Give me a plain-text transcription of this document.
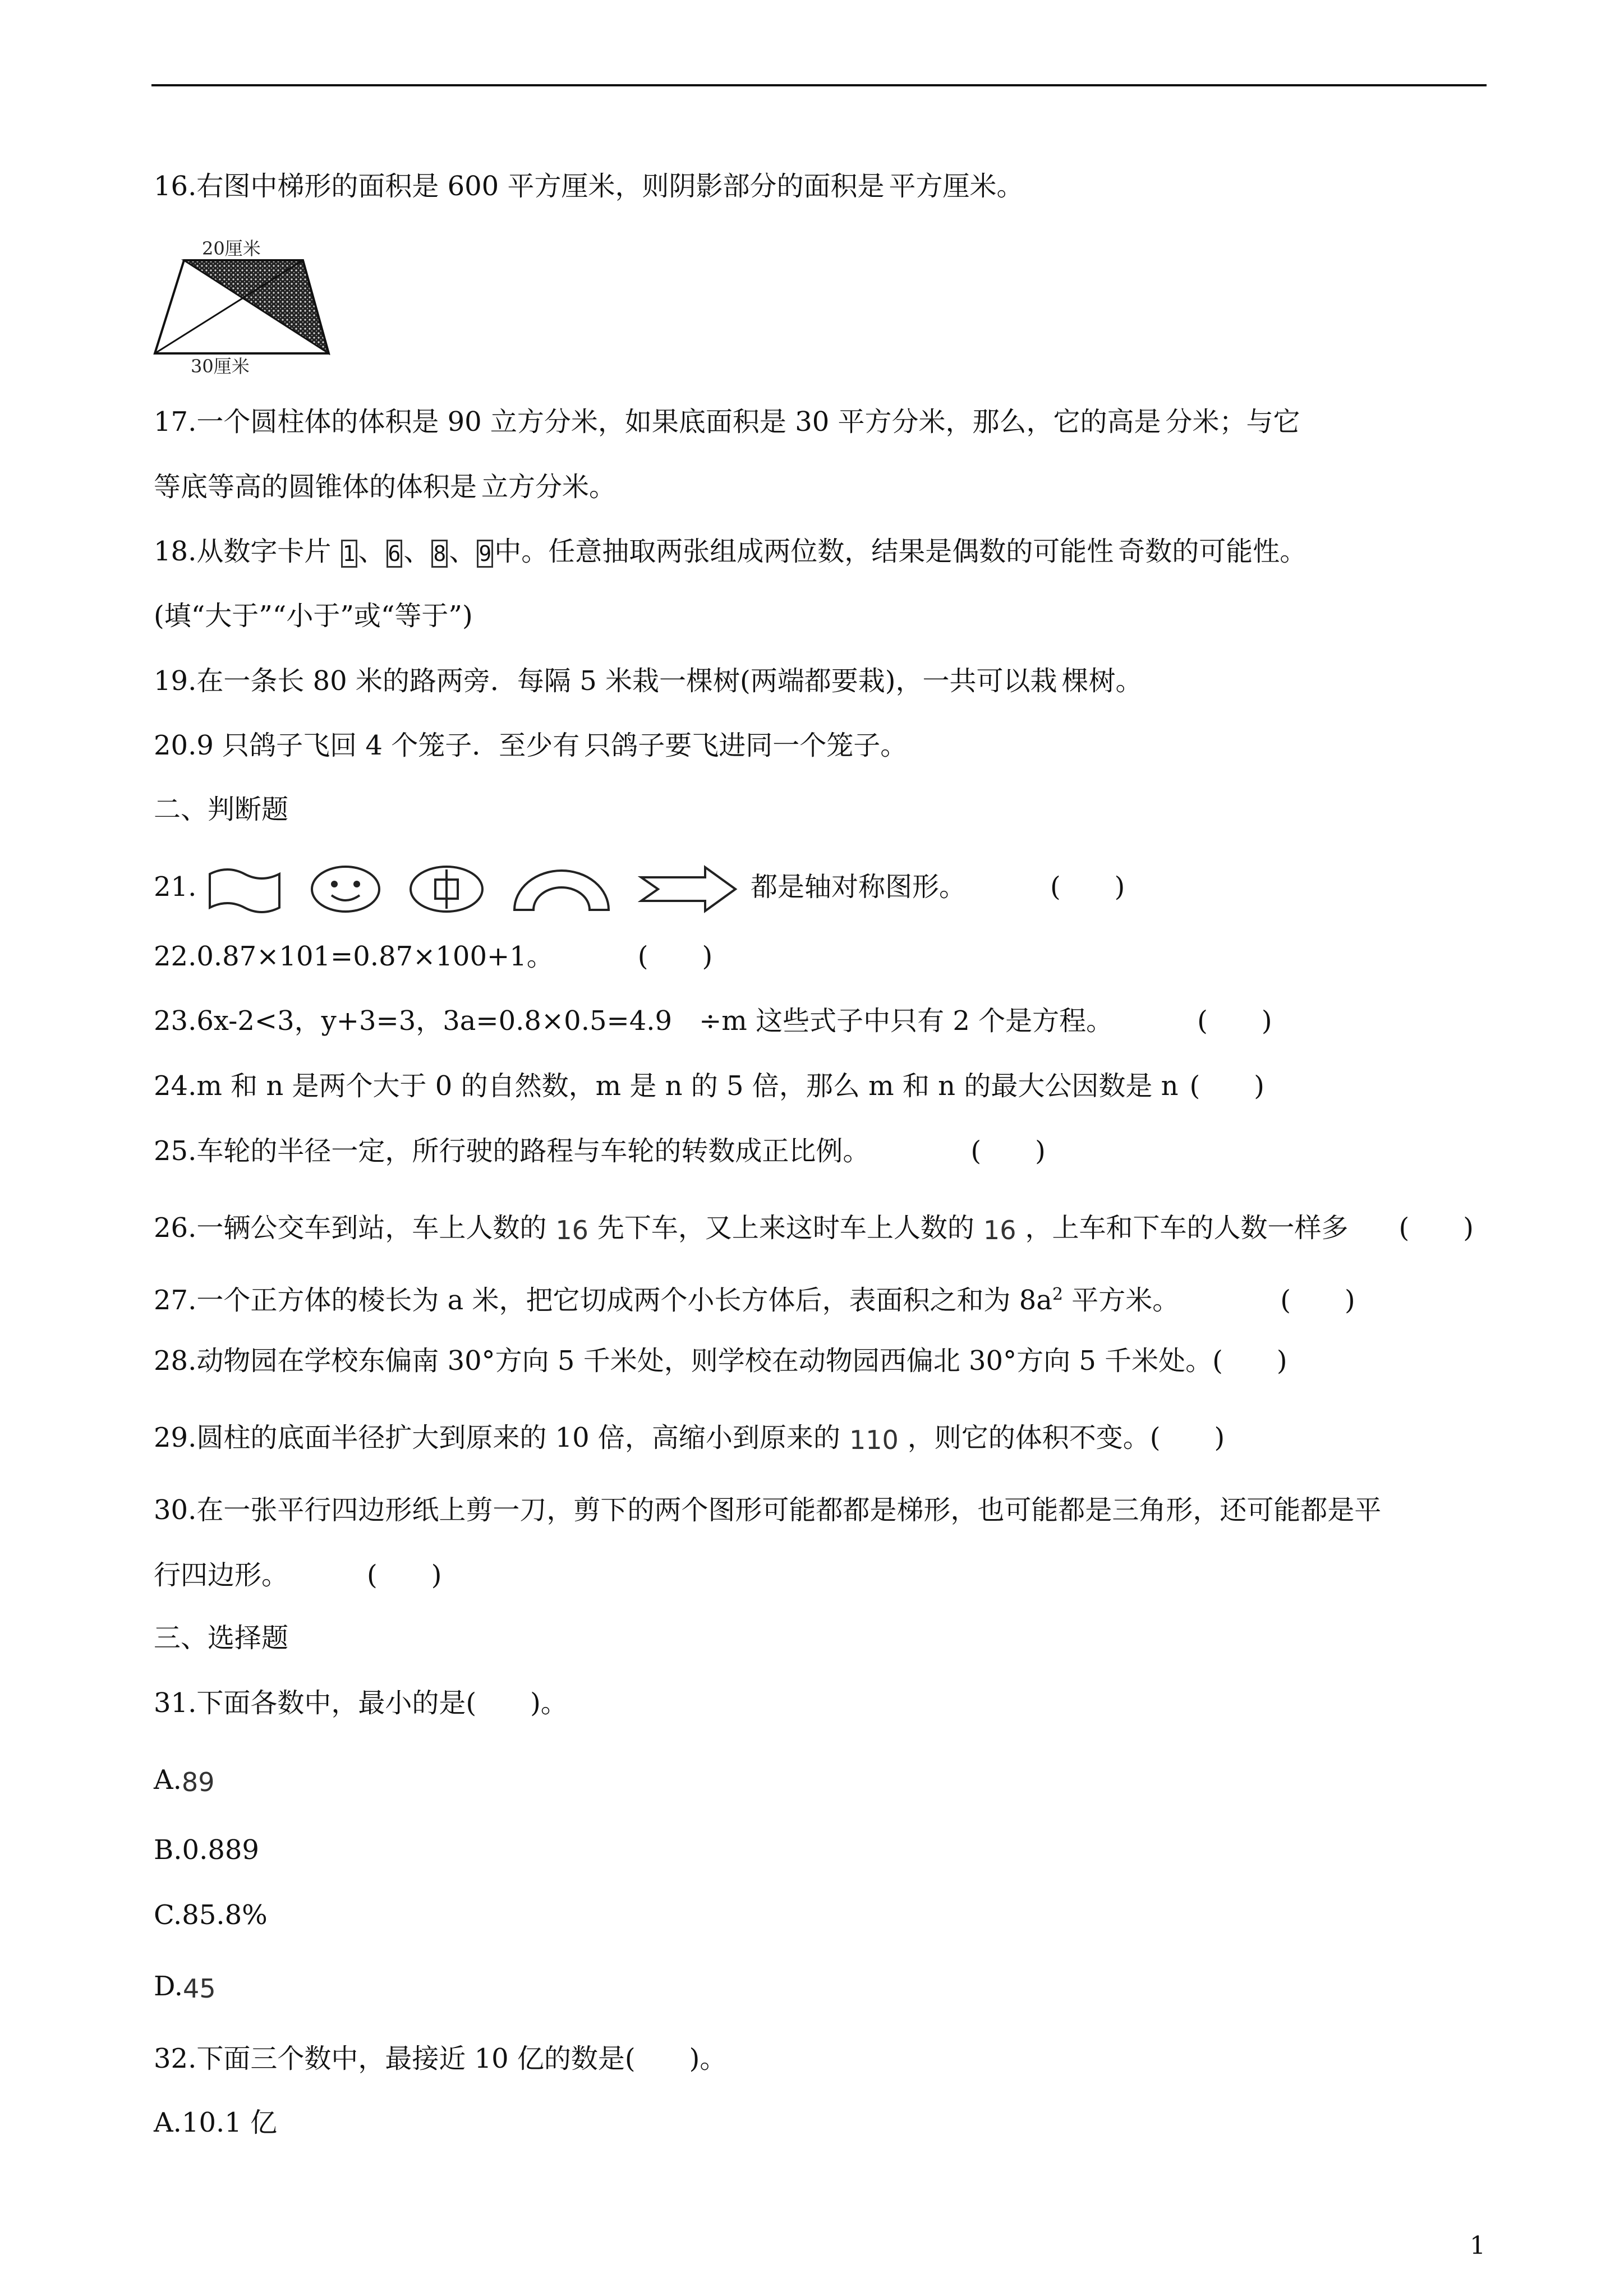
16.右图中梯形的面积是 600 平方厘米，则阴影部分的面积是 平方厘米。
20厘米
30厘米
17.一个圆柱体的体积是 90 立方分米，如果底面积是 30 平方分米，那么，它的高是 分米；与它
等底等高的圆锥体的体积是 立方分米。
18.从数字卡片 1 、 6 、 8 、 9 中。任意抽取两张组成两位数，结果是偶数的可能性 奇数的可能性。
(填“大于”“小于”或“等于”)
19.在一条长 80 米的路两旁．每隔 5 米栽一棵树(两端都要栽)，一共可以栽 棵树。
20.9 只鸽子飞回 4 个笼子．至少有 只鸽子要飞进同一个笼子。
二、判断题
21.	都是轴对称图形。	(　　)
22.0.87×101=0.87×100+1。	(　　)
23.6x-2<3，y+3=3，3a=0.8×0.5=4.9　÷m 这些式子中只有 2 个是方程。	(　　)
24.m 和 n 是两个大于 0 的自然数，m 是 n 的 5 倍，那么 m 和 n 的最大公因数是 n (　　)
25.车轮的半径一定，所行驶的路程与车轮的转数成正比例。	(　　)
26.一辆公交车到站，车上人数的 16 先下车，又上来这时车上人数的 16 ，上车和下车的人数一样多 (　　)
27.一个正方体的棱长为 a 米，把它切成两个小长方体后，表面积之和为 $8a^2$ 平方米。	(　　)
28.动物园在学校东偏南 30°方向 5 千米处，则学校在动物园西偏北 30°方向 5 千米处。(　　)
29.圆柱的底面半径扩大到原来的 10 倍，高缩小到原来的 110 ，则它的体积不变。(　　)
30.在一张平行四边形纸上剪一刀，剪下的两个图形可能都都是梯形，也可能都是三角形，还可能都是平
行四边形。	(　　)
三、选择题
31.下面各数中，最小的是(　　)。
A.89
B.0.889
C.85.8%
D.45
32.下面三个数中，最接近 10 亿的数是(　　)。
A.10.1 亿
1
